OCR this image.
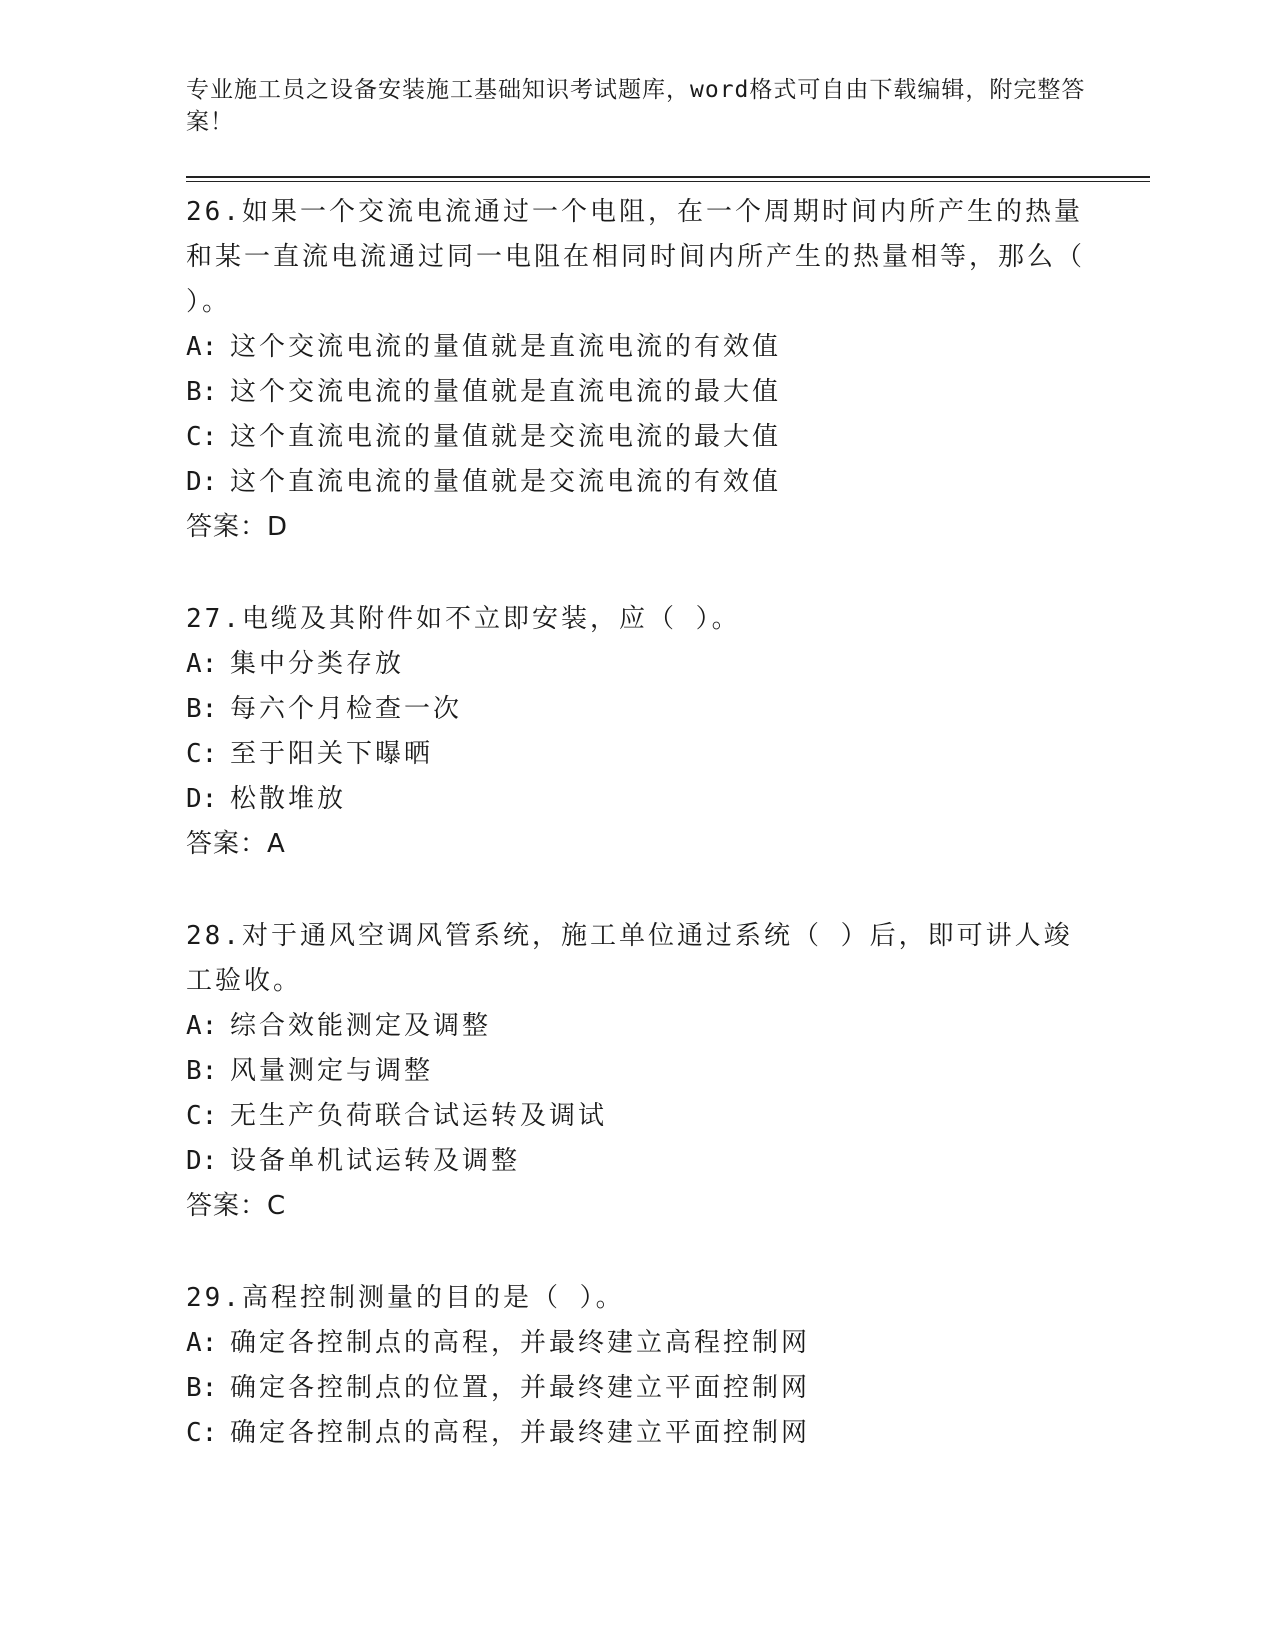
专业施工员之设备安装施工基础知识考试题库，word格式可自由下载编辑，附完整答案！
26.如果一个交流电流通过一个电阻，在一个周期时间内所产生的热量和某一直流电流通过同一电阻在相同时间内所产生的热量相等，那么（ ）。
A: 这个交流电流的量值就是直流电流的有效值
B: 这个交流电流的量值就是直流电流的最大值
C: 这个直流电流的量值就是交流电流的最大值
D: 这个直流电流的量值就是交流电流的有效值
答案：D
27.电缆及其附件如不立即安装，应（ ）。
A: 集中分类存放
B: 每六个月检查一次
C: 至于阳关下曝晒
D: 松散堆放
答案：A
28.对于通风空调风管系统，施工单位通过系统（ ）后，即可讲人竣工验收。
A: 综合效能测定及调整
B: 风量测定与调整
C: 无生产负荷联合试运转及调试
D: 设备单机试运转及调整
答案：C
29.高程控制测量的目的是（ ）。
A: 确定各控制点的高程，并最终建立高程控制网
B: 确定各控制点的位置，并最终建立平面控制网
C: 确定各控制点的高程，并最终建立平面控制网
